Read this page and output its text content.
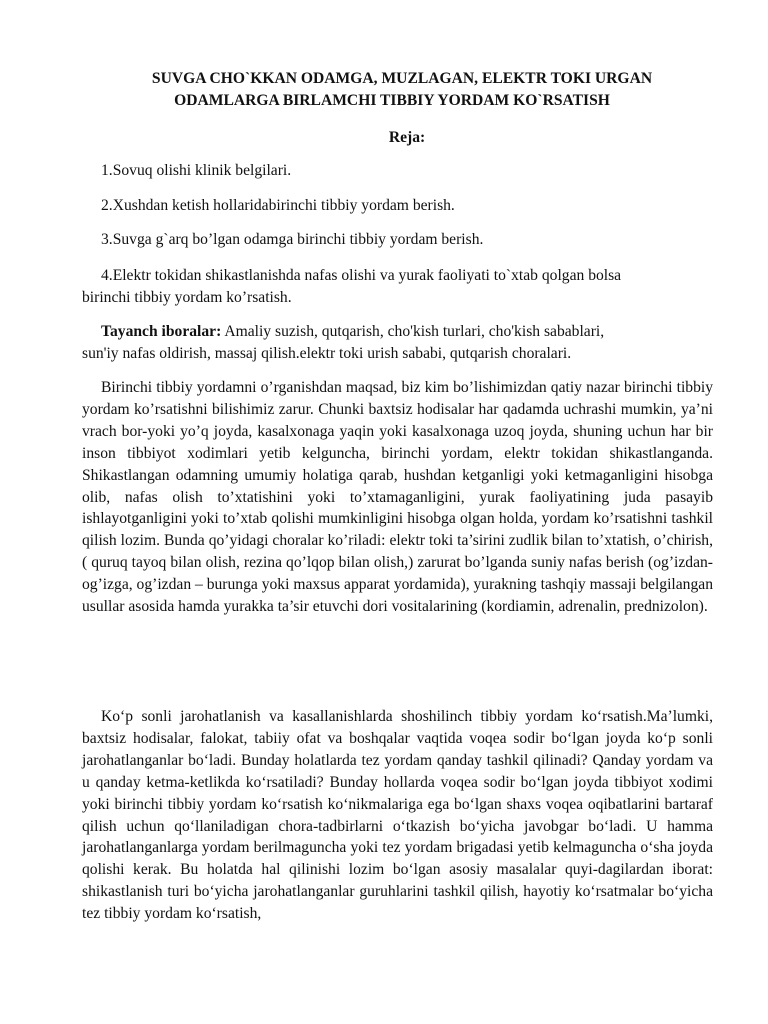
SUVGA CHO`KKAN ODAMGA, MUZLAGAN, ELEKTR TOKI URGAN
ODAMLARGA BIRLAMCHI TIBBIY YORDAM KO`RSATISH
Reja:
1.Sovuq olishi klinik belgilari.
2.Xushdan ketish hollaridabirinchi tibbiy yordam berish.
3.Suvga g`arq bo’lgan odamga birinchi tibbiy yordam berish.
4.Elektr tokidan shikastlanishda nafas olishi va yurak faoliyati to`xtab qolgan bolsa
birinchi tibbiy yordam ko’rsatish.
Tayanch iboralar: Amaliy suzish, qutqarish, cho'kish turlari, cho'kish sabablari,
sun'iy nafas oldirish, massaj qilish.elektr toki urish sababi, qutqarish choralari.

Birinchi tibbiy yordamni o’rganishdan maqsad, biz kim bo’lishimizdan qatiy nazar birinchi tibbiy yordam ko’rsatishni bilishimiz zarur. Chunki baxtsiz hodisalar har qadamda uchrashi mumkin, ya’ni vrach bor-yoki yo’q joyda, kasalxonaga yaqin yoki kasalxonaga uzoq joyda, shuning uchun har bir inson tibbiyot xodimlari yetib kelguncha, birinchi yordam, elektr tokidan shikastlanganda. Shikastlangan odamning umumiy holatiga qarab, hushdan ketganligi yoki ketmaganligini hisobga olib, nafas olish to’xtatishini yoki to’xtamaganligini, yurak faoliyatining juda pasayib ishlayotganligini yoki to’xtab qolishi mumkinligini hisobga olgan holda, yordam ko’rsatishni tashkil qilish lozim. Bunda qo’yidagi choralar ko’riladi: elektr toki ta’sirini zudlik bilan to’xtatish, o’chirish, ( quruq tayoq bilan olish, rezina qo’lqop bilan olish,) zarurat bo’lganda suniy nafas berish (og’izdan-og’izga, og’izdan – burunga yoki maxsus apparat yordamida), yurakning tashqiy massaji belgilangan usullar asosida hamda yurakka ta’sir etuvchi dori vositalarining (kordiamin, adrenalin, prednizolon).

Ko‘p sonli jarohatlanish va kasallanishlarda shoshilinch tibbiy yordam ko‘rsatish.Ma’lumki, baxtsiz hodisalar, falokat, tabiiy ofat va boshqalar vaqtida voqea sodir bo‘lgan joyda ko‘p sonli jarohatlanganlar bo‘ladi. Bunday holatlarda tez yordam qanday tashkil qilinadi? Qanday yordam va u qanday ketma-ketlikda ko‘rsatiladi? Bunday hollarda voqea sodir bo‘lgan joyda tibbiyot xodimi yoki birinchi tibbiy yordam ko‘rsatish ko‘nikmalariga ega bo‘lgan shaxs voqea oqibatlarini bartaraf qilish uchun qo‘llaniladigan chora-tadbirlarni o‘tkazish bo‘yicha javobgar bo‘ladi. U hamma jarohatlanganlarga yordam berilmaguncha yoki tez yordam brigadasi yetib kelmaguncha o‘sha joyda qolishi kerak. Bu holatda hal qilinishi lozim bo‘lgan asosiy masalalar quyi-dagilardan iborat: shikastlanish turi bo‘yicha jarohatlanganlar guruhlarini tashkil qilish, hayotiy ko‘rsatmalar bo‘yicha tez tibbiy yordam ko‘rsatish,
